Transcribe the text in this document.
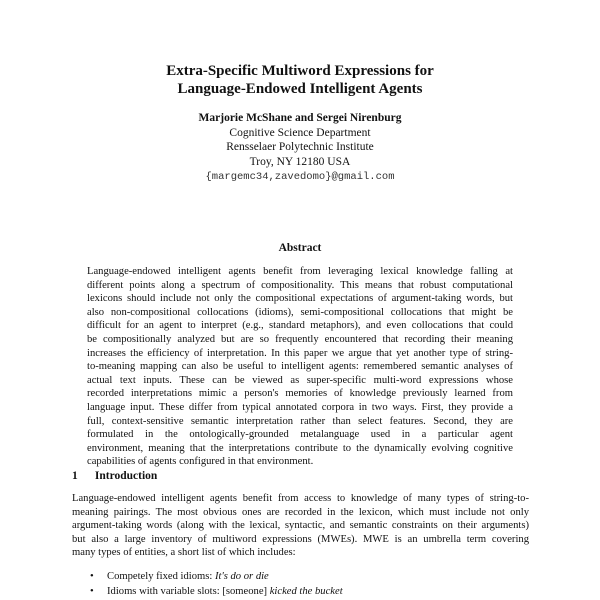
Extra-Specific Multiword Expressions for
Language-Endowed Intelligent Agents
Marjorie McShane and Sergei Nirenburg
Cognitive Science Department
Rensselaer Polytechnic Institute
Troy, NY 12180 USA
{margemc34,zavedomo}@gmail.com
Abstract
Language-endowed intelligent agents benefit from leveraging lexical knowledge falling at
different points along a spectrum of compositionality. This means that robust computational
lexicons should include not only the compositional expectations of argument-taking words, but
also non-compositional collocations (idioms), semi-compositional collocations that might be
difficult for an agent to interpret (e.g., standard metaphors), and even collocations that could
be compositionally analyzed but are so frequently encountered that recording their meaning
increases the efficiency of interpretation. In this paper we argue that yet another type of string-
to-meaning mapping can also be useful to intelligent agents: remembered semantic analyses of
actual text inputs. These can be viewed as super-specific multi-word expressions whose
recorded interpretations mimic a person's memories of knowledge previously learned from
language input. These differ from typical annotated corpora in two ways. First, they provide a
full, context-sensitive semantic interpretation rather than select features. Second, they are
formulated in the ontologically-grounded metalanguage used in a particular agent
environment, meaning that the interpretations contribute to the dynamically evolving cognitive
capabilities of agents configured in that environment.
1 Introduction
Language-endowed intelligent agents benefit from access to knowledge of many types of string-to-
meaning pairings. The most obvious ones are recorded in the lexicon, which must include not only
argument-taking words (along with the lexical, syntactic, and semantic constraints on their arguments)
but also a large inventory of multiword expressions (MWEs). MWE is an umbrella term covering
many types of entities, a short list of which includes:
• Competely fixed idioms: It's do or die
• Idioms with variable slots: [someone] kicked the bucket
